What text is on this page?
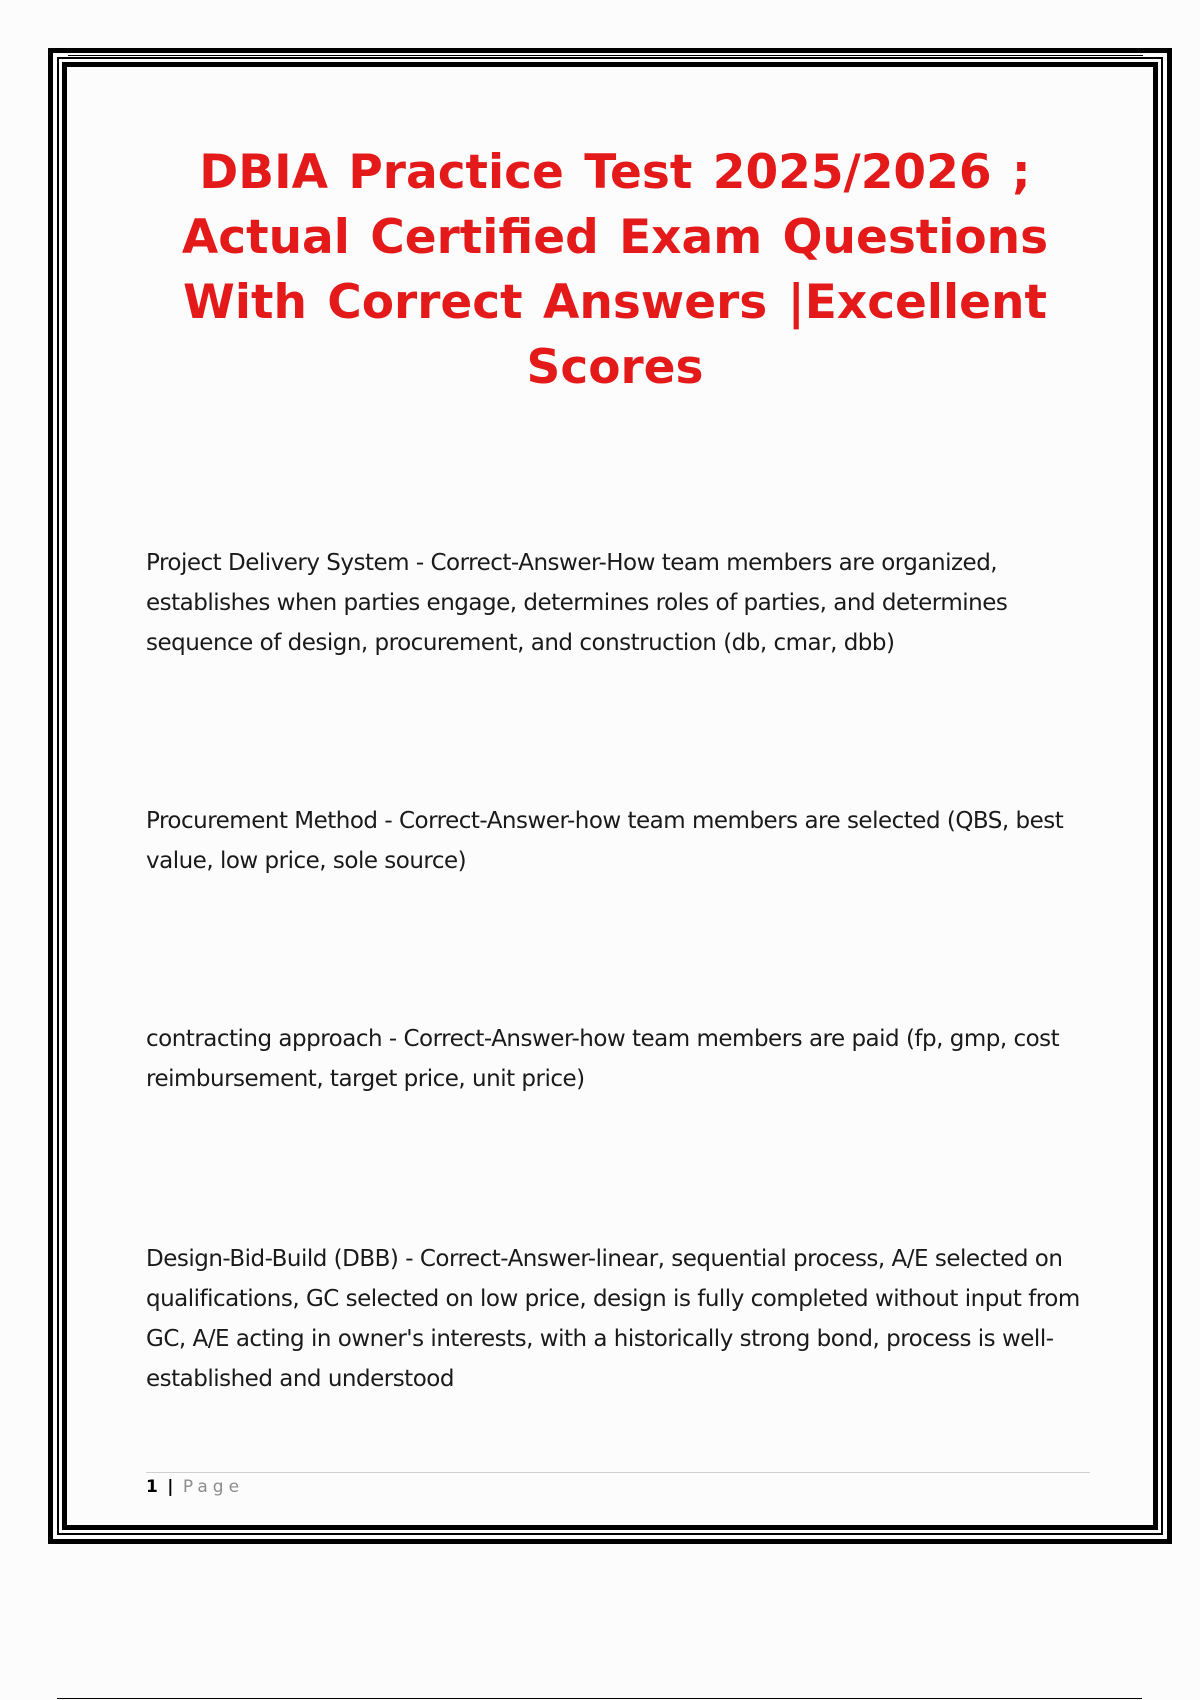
DBIA Practice Test 2025/2026 ; Actual Certified Exam Questions With Correct Answers |Excellent Scores

Project Delivery System - Correct-Answer-How team members are organized, establishes when parties engage, determines roles of parties, and determines sequence of design, procurement, and construction (db, cmar, dbb)

Procurement Method - Correct-Answer-how team members are selected (QBS, best value, low price, sole source)

contracting approach - Correct-Answer-how team members are paid (fp, gmp, cost reimbursement, target price, unit price)

Design-Bid-Build (DBB) - Correct-Answer-linear, sequential process, A/E selected on qualifications, GC selected on low price, design is fully completed without input from GC, A/E acting in owner's interests, with a historically strong bond, process is well-established and understood

1 | Page
